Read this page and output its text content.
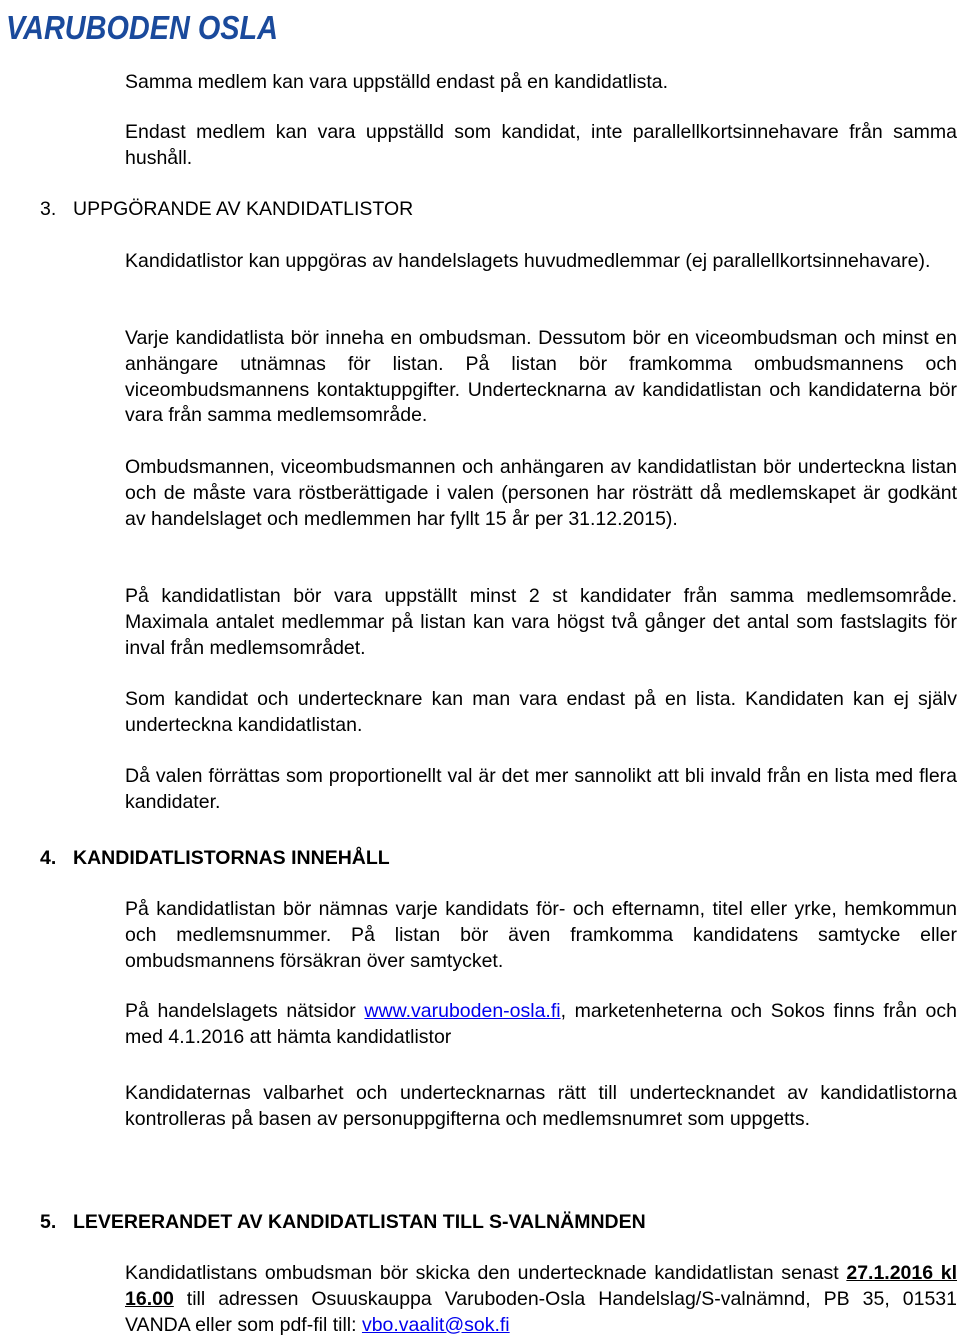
VARUBODEN OSLA

Samma medlem kan vara uppställd endast på en kandidatlista.

Endast medlem kan vara uppställd som kandidat, inte parallellkortsinnehavare från samma hushåll.

3. UPPGÖRANDE AV KANDIDATLISTOR

Kandidatlistor kan uppgöras av handelslagets huvudmedlemmar (ej parallellkortsinnehavare).

Varje kandidatlista bör inneha en ombudsman. Dessutom bör en viceombudsman och minst en anhängare utnämnas för listan. På listan bör framkomma ombudsmannens och viceombudsmannens kontaktuppgifter. Undertecknarna av kandidatlistan och kandidaterna bör vara från samma medlemsområde.

Ombudsmannen, viceombudsmannen och anhängaren av kandidatlistan bör underteckna listan och de måste vara röstberättigade i valen (personen har rösträtt då medlemskapet är godkänt av handelslaget och medlemmen har fyllt 15 år per 31.12.2015).

På kandidatlistan bör vara uppställt minst 2 st kandidater från samma medlemsområde. Maximala antalet medlemmar på listan kan vara högst två gånger det antal som fastslagits för inval från medlemsområdet.

Som kandidat och undertecknare kan man vara endast på en lista. Kandidaten kan ej själv underteckna kandidatlistan.

Då valen förrättas som proportionellt val är det mer sannolikt att bli invald från en lista med flera kandidater.

4. KANDIDATLISTORNAS INNEHÅLL

På kandidatlistan bör nämnas varje kandidats för- och efternamn, titel eller yrke, hemkommun och medlemsnummer. På listan bör även framkomma kandidatens samtycke eller ombudsmannens försäkran över samtycket.

På handelslagets nätsidor www.varuboden-osla.fi, marketenheterna och Sokos finns från och med 4.1.2016 att hämta kandidatlistor

Kandidaternas valbarhet och undertecknarnas rätt till undertecknandet av kandidatlistorna kontrolleras på basen av personuppgifterna och medlemsnumret som uppgetts.

5. LEVERERANDET AV KANDIDATLISTAN TILL S-VALNÄMNDEN

Kandidatlistans ombudsman bör skicka den undertecknade kandidatlistan senast 27.1.2016 kl 16.00 till adressen Osuuskauppa Varuboden-Osla Handelslag/S-valnämnd, PB 35, 01531 VANDA eller som pdf-fil till: vbo.vaalit@sok.fi
